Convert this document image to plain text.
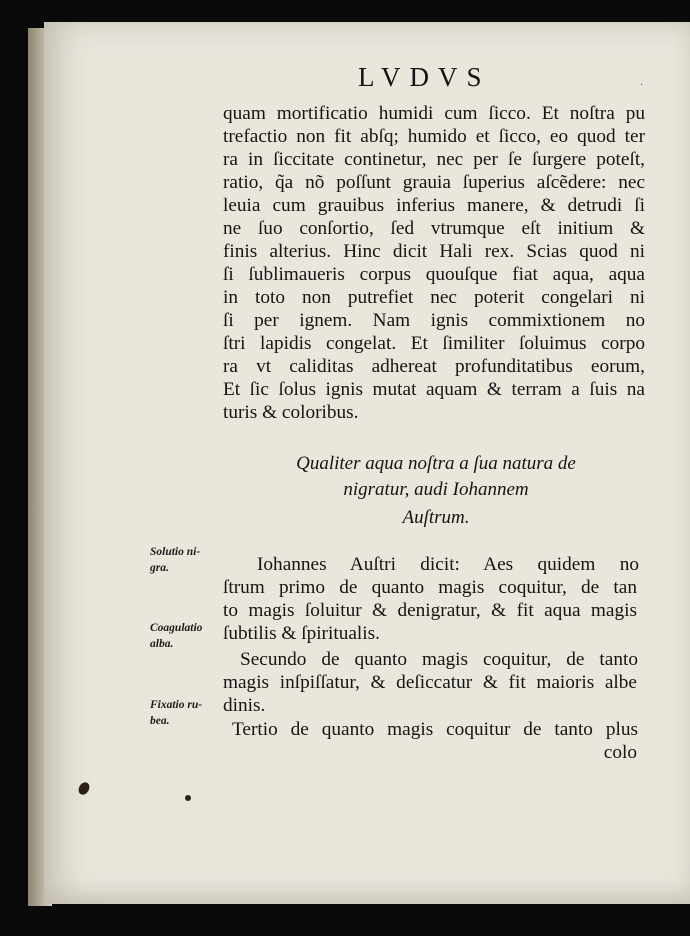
LVDVS	·
quam mortificatio humidi cum ſicco. Et noſtra pu
trefactio non fit abſq; humido et ſicco, eo quod ter
ra in ſiccitate continetur, nec per ſe ſurgere poteſt,
ratio, q̃a nõ poſſunt grauia ſuperius aſcẽdere: nec
leuia cum grauibus inferius manere, & detrudi ſi
ne ſuo conſortio, ſed vtrumque eſt initium &
finis alterius. Hinc dicit Hali rex. Scias quod ni
ſi ſublimaueris corpus quouſque fiat aqua, aqua
in toto non putrefiet nec poterit congelari ni
ſi per ignem. Nam ignis commixtionem no
ſtri lapidis congelat. Et ſimiliter ſoluimus corpo
ra vt caliditas adhereat profunditatibus eorum,
Et ſic ſolus ignis mutat aquam & terram a ſuis na
turis & coloribus.
Qualiter aqua noſtra a ſua natura de
nigratur, audi Iohannem
Auſtrum.
Iohannes Auſtri dicit: Aes quidem no
ſtrum primo de quanto magis coquitur, de tan
to magis ſoluitur & denigratur, & fit aqua magis
ſubtilis & ſpiritualis.
Secundo de quanto magis coquitur, de tanto
magis inſpiſſatur, & deſiccatur & fit maioris albe
dinis.
Tertio de quanto magis coquitur de tanto plus
colo
Solutio ni-
gra.
Coagulatio
alba.
Fixatio ru-
bea.
